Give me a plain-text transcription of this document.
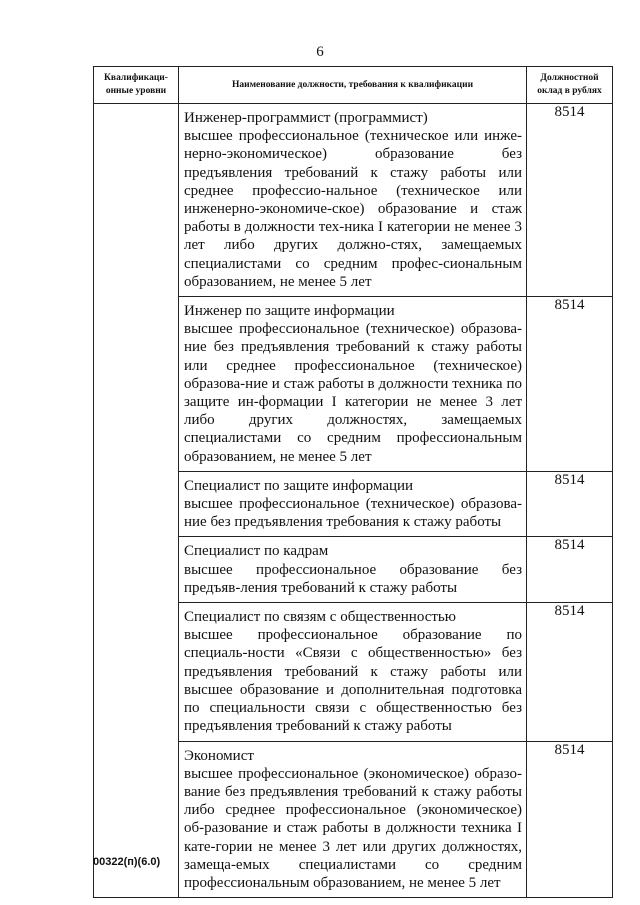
6
Квалификаци-
онные уровни	Наименование должности, требования к квалификации	Должностной
оклад в рублях

	Инженер-программист (программист)
высшее профессиональное (техническое или инже-нерно-экономическое) образование без предъявления требований к стажу работы или среднее профессио-нальное (техническое или инженерно-экономиче-ское) образование и стаж работы в должности тех-ника I категории не менее 3 лет либо других должно-стях, замещаемых специалистами со средним профес-сиональным образованием, не менее 5 лет	8514

	Инженер по защите информации
высшее профессиональное (техническое) образова-ние без предъявления требований к стажу работы или среднее профессиональное (техническое) образова-ние и стаж работы в должности техника по защите ин-формации I категории не менее 3 лет либо других должностях, замещаемых специалистами со средним профессиональным образованием, не менее 5 лет	8514

	Специалист по защите информации
высшее профессиональное (техническое) образова-ние без предъявления требования к стажу работы	8514

	Специалист по кадрам
высшее профессиональное образование без предъяв-ления требований к стажу работы	8514

	Специалист по связям с общественностью
высшее профессиональное образование по специаль-ности «Связи с общественностью» без предъявления требований к стажу работы или высшее образование и дополнительная подготовка по специальности связи с общественностью без предъявления требований к стажу работы	8514

	Экономист
высшее профессиональное (экономическое) образо-вание без предъявления требований к стажу работы либо среднее профессиональное (экономическое) об-разование и стаж работы в должности техника I кате-гории не менее 3 лет или других должностях, замеща-емых специалистами со средним профессиональным образованием, не менее 5 лет	8514
00322(п)(6.0)
